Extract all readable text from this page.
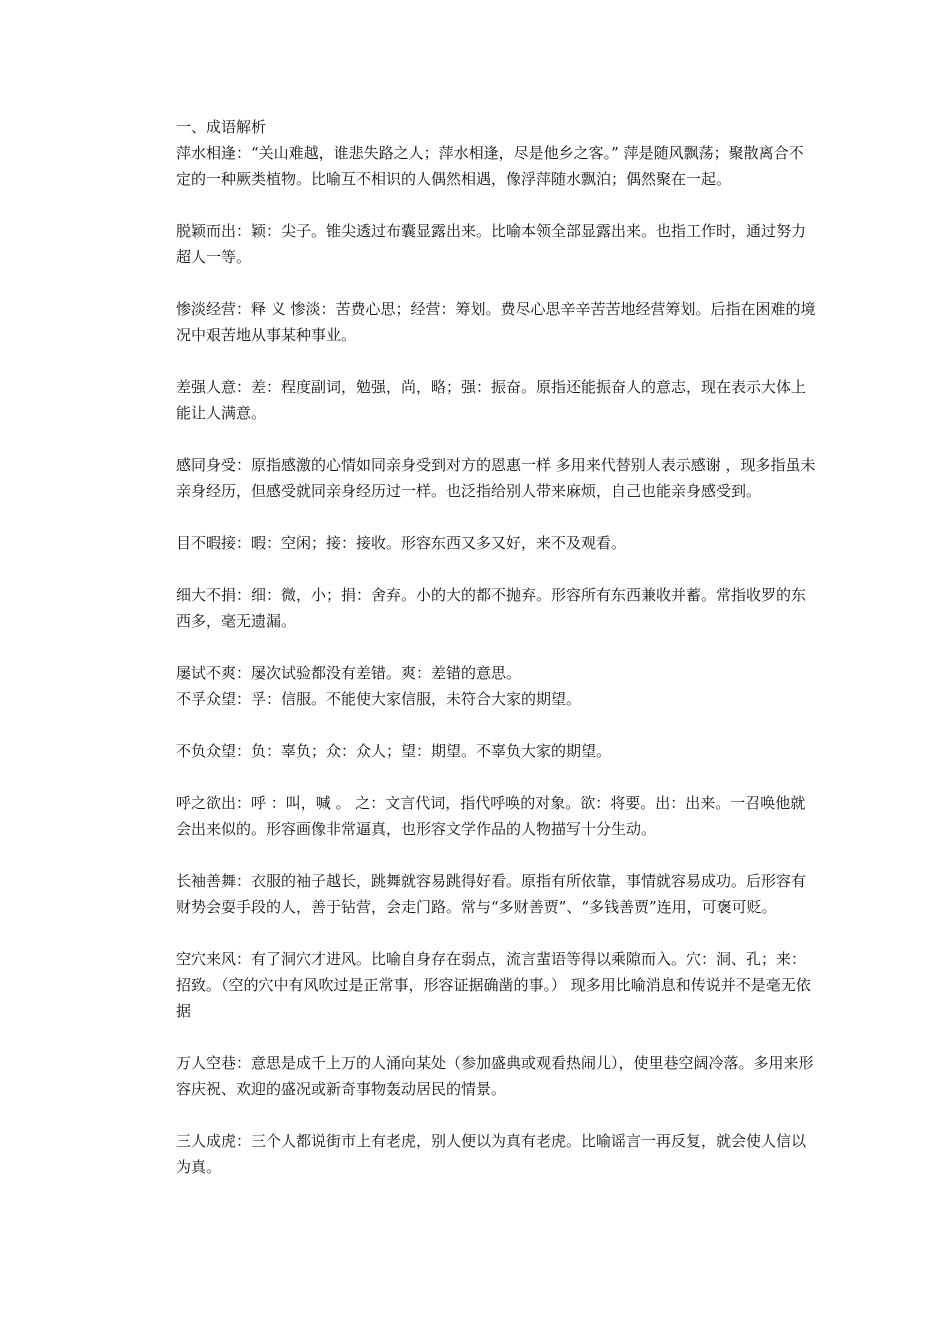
一、成语解析

萍水相逢：“关山难越，谁悲失路之人；萍水相逢，尽是他乡之客。” 萍是随风飘荡；聚散离合不定的一种厥类植物。比喻互不相识的人偶然相遇，像浮萍随水飘泊；偶然聚在一起。

脱颖而出：颖：尖子。锥尖透过布囊显露出来。比喻本领全部显露出来。也指工作时，通过努力超人一等。

惨淡经营：释 义 惨淡：苦费心思；经营：筹划。费尽心思辛辛苦苦地经营筹划。后指在困难的境况中艰苦地从事某种事业。

差强人意：差：程度副词，勉强，尚，略；强：振奋。原指还能振奋人的意志，现在表示大体上能让人满意。

感同身受：原指感激的心情如同亲身受到对方的恩惠一样 多用来代替别人表示感谢 ，现多指虽未亲身经历，但感受就同亲身经历过一样。也泛指给别人带来麻烦，自己也能亲身感受到。

目不暇接：暇：空闲；接：接收。形容东西又多又好，来不及观看。

细大不捐：细：微，小；捐：舍弃。小的大的都不抛弃。形容所有东西兼收并蓄。常指收罗的东西多，毫无遗漏。

屡试不爽：屡次试验都没有差错。爽：差错的意思。

不孚众望：孚：信服。不能使大家信服，未符合大家的期望。

不负众望：负：辜负；众：众人；望：期望。不辜负大家的期望。

呼之欲出：呼 ：叫，喊 。 之：文言代词，指代呼唤的对象。欲：将要。出：出来。一召唤他就会出来似的。形容画像非常逼真，也形容文学作品的人物描写十分生动。

长袖善舞：衣服的袖子越长，跳舞就容易跳得好看。原指有所依靠，事情就容易成功。后形容有财势会耍手段的人，善于钻营，会走门路。常与“多财善贾”、“多钱善贾”连用，可褒可贬。

空穴来风：有了洞穴才进风。比喻自身存在弱点，流言蜚语等得以乘隙而入。穴：洞、孔；来：招致。（空的穴中有风吹过是正常事，形容证据确凿的事。） 现多用比喻消息和传说并不是毫无依据

万人空巷：意思是成千上万的人涌向某处（参加盛典或观看热闹儿），使里巷空阔冷落。多用来形容庆祝、欢迎的盛况或新奇事物轰动居民的情景。

三人成虎：三个人都说街市上有老虎，别人便以为真有老虎。比喻谣言一再反复，就会使人信以为真。
